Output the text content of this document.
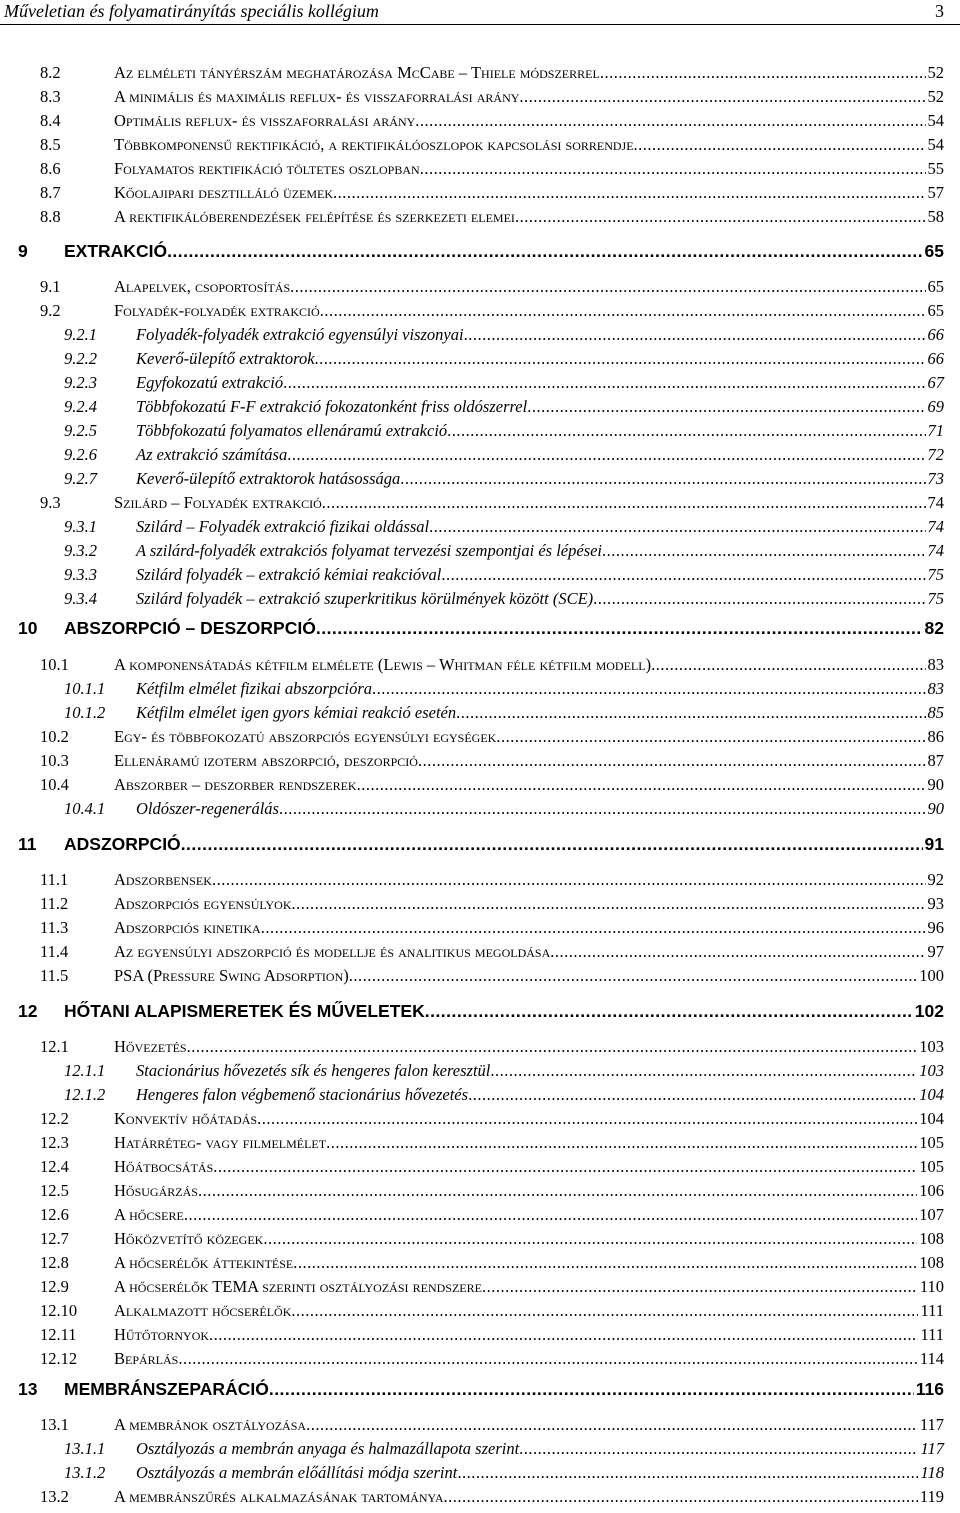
Műveletian és folyamatirányítás speciális kollégium	3
8.2	Az elméleti tányérszám meghatározása McCabe – Thiele módszerrel .....	52
8.3	A minimális és maximális reflux- és visszaforralási arány .....	52
8.4	Optimális reflux- és visszaforralási arány .....	54
8.5	Többkomponensű rektifikáció, a rektifikálóoszlopok kapcsolási sorrendje .....	54
8.6	Folyamatos rektifikáció töltetes oszlopban .....	55
8.7	Kőolajipari desztilláló üzemek .....	57
8.8	A rektifikálóberendezések felépítése és szerkezeti elemei .....	58
9 EXTRAKCIÓ .....	65
9.1	Alapelvek, csoportosítás .....	65
9.2	Folyadék-folyadék extrakció .....	65
9.2.1 Folyadék-folyadék extrakció egyensúlyi viszonyai .....	66
9.2.2 Keverő-ülepítő extraktorok .....	66
9.2.3 Egyfokozatú extrakció .....	67
9.2.4 Többfokozatú F-F extrakció fokozatonként friss oldószerrel .....	69
9.2.5 Többfokozatú folyamatos ellenáramú extrakció .....	71
9.2.6 Az extrakció számítása .....	72
9.2.7 Keverő-ülepítő extraktorok hatásossága .....	73
9.3	Szilárd – Folyadék extrakció .....	74
9.3.1 Szilárd – Folyadék extrakció fizikai oldással .....	74
9.3.2 A szilárd-folyadék extrakciós folyamat tervezési szempontjai és lépései .....	74
9.3.3 Szilárd folyadék – extrakció kémiai reakcióval .....	75
9.3.4 Szilárd folyadék – extrakció szuperkritikus körülmények között (SCE) .....	75
10 ABSZORPCIÓ – DESZORPCIÓ .....	82
10.1	A komponensátadás kétfilm elmélete (Lewis – Whitman féle kétfilm modell) .....	83
10.1.1 Kétfilm elmélet fizikai abszorpcióra .....	83
10.1.2 Kétfilm elmélet igen gyors kémiai reakció esetén .....	85
10.2	Egy- és többfokozatú abszorpciós egyensúlyi egységek .....	86
10.3	Ellenáramú izoterm abszorpció, deszorpció .....	87
10.4	Abszorber – deszorber rendszerek .....	90
10.4.1 Oldószer-regenerálás .....	90
11 ADSZORPCIÓ .....	91
11.1	Adszorbensek .....	92
11.2	Adszorpciós egyensúlyok .....	93
11.3	Adszorpciós kinetika .....	96
11.4	Az egyensúlyi adszorpció és modellje és analitikus megoldása .....	97
11.5	PSA (Pressure Swing Adsorption) .....	100
12 HŐTANI ALAPISMERETEK ÉS MŰVELETEK .....	102
12.1	Hővezetés .....	103
12.1.1 Stacionárius hővezetés sík és hengeres falon keresztül .....	103
12.1.2 Hengeres falon végbemenő stacionárius hővezetés .....	104
12.2	Konvektív hőátadás .....	104
12.3	Határréteg- vagy filmelmélet .....	105
12.4	Hőátbocsátás .....	105
12.5	Hősugárzás .....	106
12.6	A hőcsere .....	107
12.7	Hőközvetítő közegek .....	108
12.8	A hőcserélők áttekintése .....	108
12.9	A hőcserélők TEMA szerinti osztályozási rendszere .....	110
12.10 Alkalmazott hőcserélők .....	111
12.11 Hűtőtornyok .....	111
12.12 Bepárlás .....	114
13 MEMBRÁNSZEPARÁCIÓ .....	116
13.1	A membránok osztályozása .....	117
13.1.1 Osztályozás a membrán anyaga és halmazállapota szerint .....	117
13.1.2 Osztályozás a membrán előállítási módja szerint .....	118
13.2	A membránszűrés alkalmazásának tartománya .....	119
